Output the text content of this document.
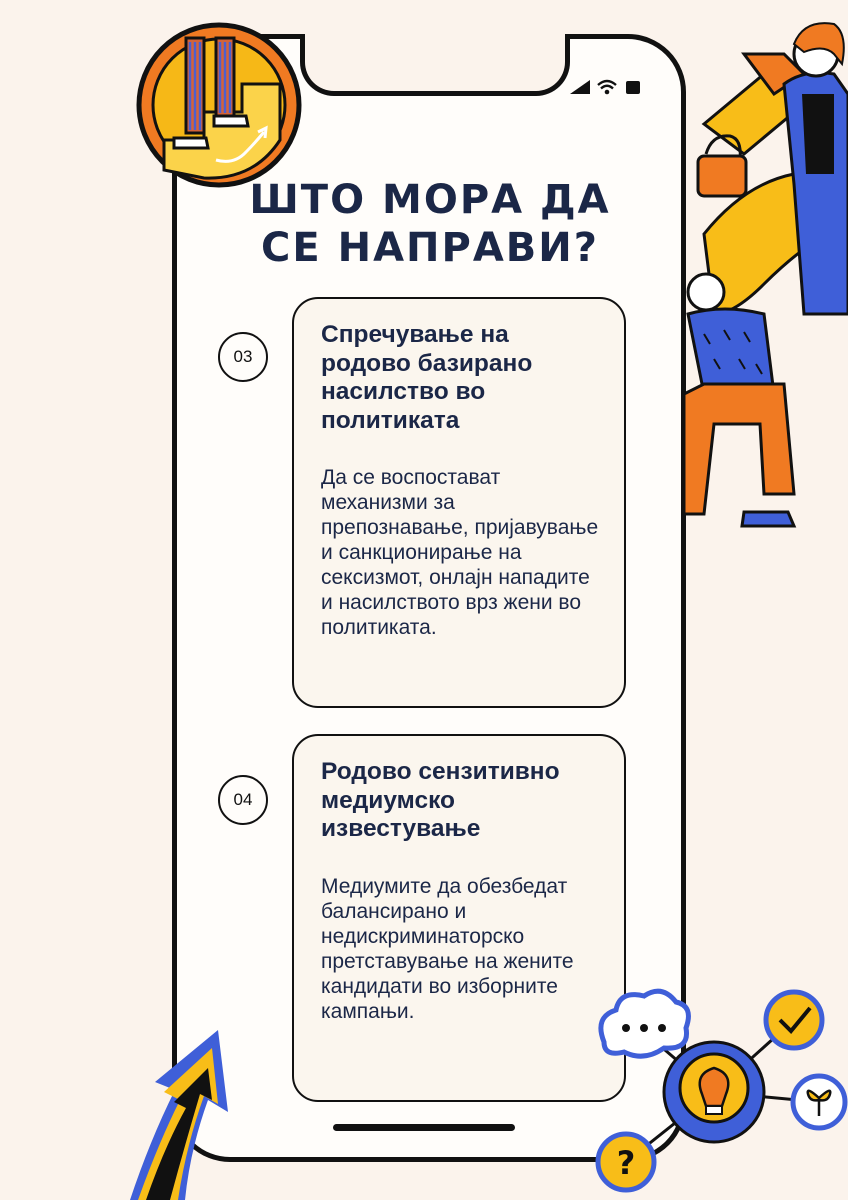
ШТО МОРА ДА СЕ НАПРАВИ?
03
Спречување на родово базирано насилство во политиката

Да се воспостават механизми за препознавање, пријавување и санкционирање на сексизмот, онлајн нападите и насилството врз жени во политиката.

04
Родово сензитивно медиумско известување

Медиумите да обезбедат балансирано и недискриминаторско претставување на жените кандидати во изборните кампањи.

?
